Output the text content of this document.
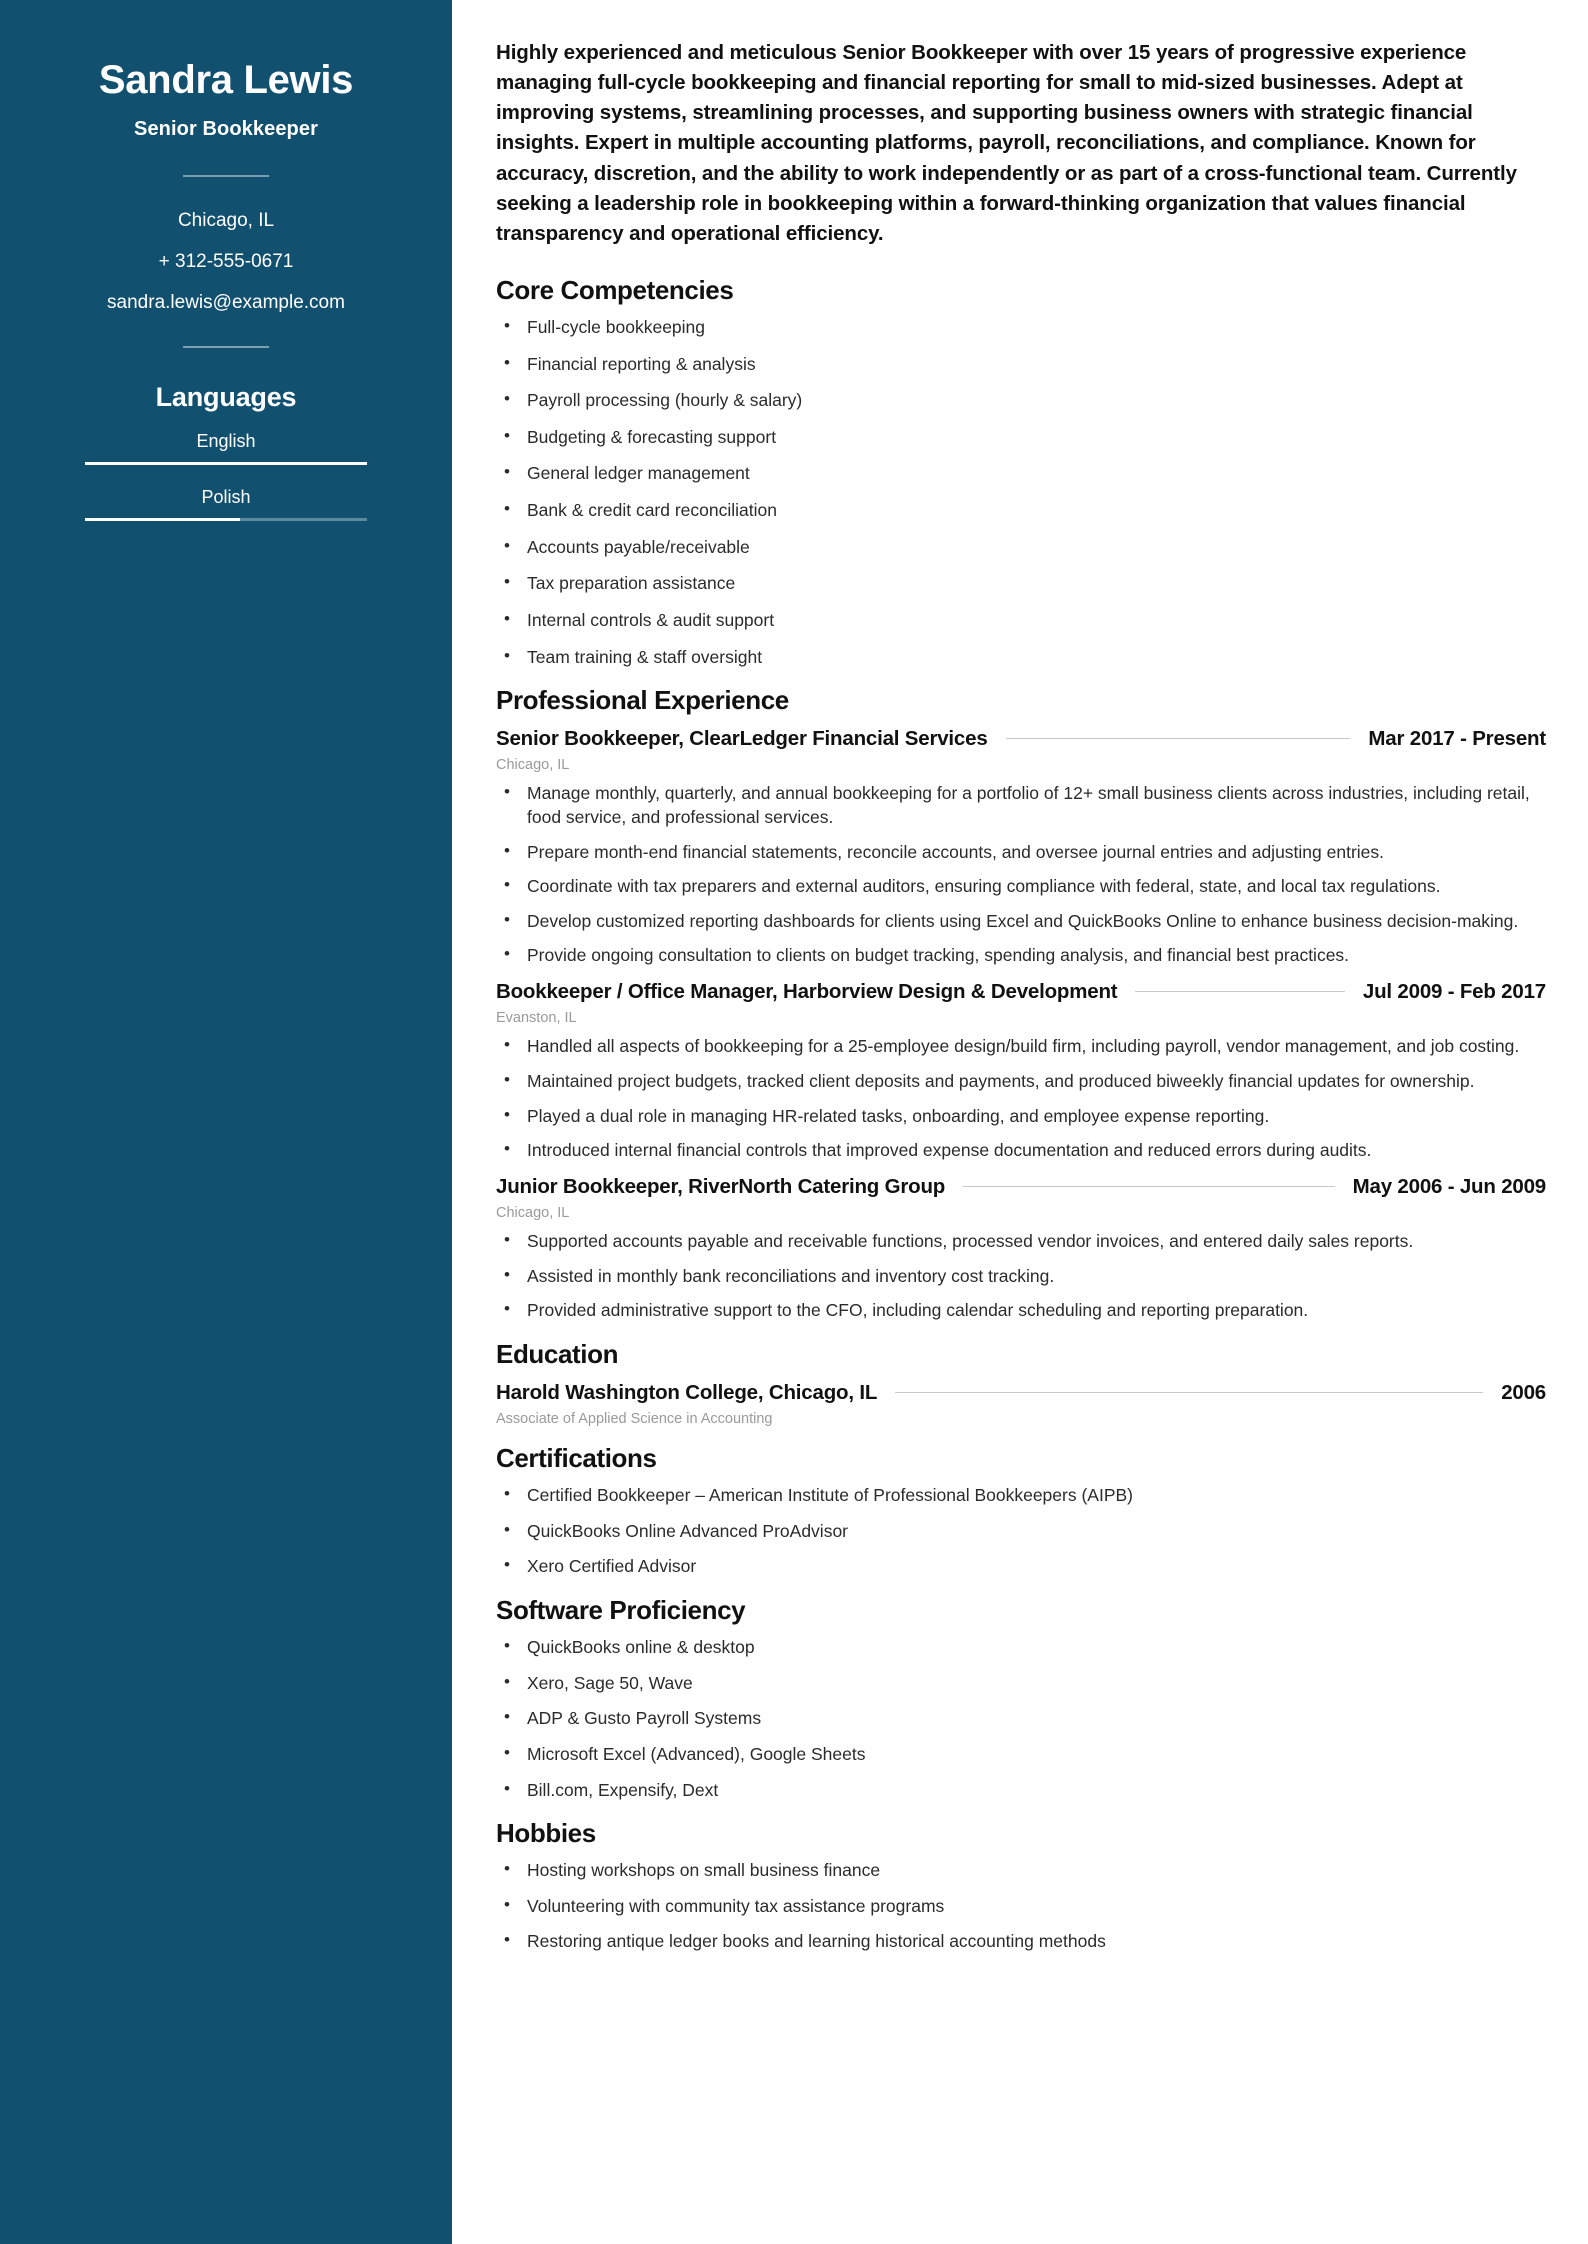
Sandra Lewis
Senior Bookkeeper
Chicago, IL
+ 312-555-0671
sandra.lewis@example.com
Languages
English
Polish

Highly experienced and meticulous Senior Bookkeeper with over 15 years of progressive experience managing full-cycle bookkeeping and financial reporting for small to mid-sized businesses. Adept at improving systems, streamlining processes, and supporting business owners with strategic financial insights. Expert in multiple accounting platforms, payroll, reconciliations, and compliance. Known for accuracy, discretion, and the ability to work independently or as part of a cross-functional team. Currently seeking a leadership role in bookkeeping within a forward-thinking organization that values financial transparency and operational efficiency.

Core Competencies
• Full-cycle bookkeeping
• Financial reporting & analysis
• Payroll processing (hourly & salary)
• Budgeting & forecasting support
• General ledger management
• Bank & credit card reconciliation
• Accounts payable/receivable
• Tax preparation assistance
• Internal controls & audit support
• Team training & staff oversight
Professional Experience
Senior Bookkeeper, ClearLedger Financial Services	Mar 2017 - Present
Chicago, IL
• Manage monthly, quarterly, and annual bookkeeping for a portfolio of 12+ small business clients across industries, including retail, food service, and professional services.
• Prepare month-end financial statements, reconcile accounts, and oversee journal entries and adjusting entries.
• Coordinate with tax preparers and external auditors, ensuring compliance with federal, state, and local tax regulations.
• Develop customized reporting dashboards for clients using Excel and QuickBooks Online to enhance business decision-making.
• Provide ongoing consultation to clients on budget tracking, spending analysis, and financial best practices.
Bookkeeper / Office Manager, Harborview Design & Development	Jul 2009 - Feb 2017
Evanston, IL
• Handled all aspects of bookkeeping for a 25-employee design/build firm, including payroll, vendor management, and job costing.
• Maintained project budgets, tracked client deposits and payments, and produced biweekly financial updates for ownership.
• Played a dual role in managing HR-related tasks, onboarding, and employee expense reporting.
• Introduced internal financial controls that improved expense documentation and reduced errors during audits.
Junior Bookkeeper, RiverNorth Catering Group	May 2006 - Jun 2009
Chicago, IL
• Supported accounts payable and receivable functions, processed vendor invoices, and entered daily sales reports.
• Assisted in monthly bank reconciliations and inventory cost tracking.
• Provided administrative support to the CFO, including calendar scheduling and reporting preparation.
Education
Harold Washington College, Chicago, IL	2006
Associate of Applied Science in Accounting
Certifications
• Certified Bookkeeper – American Institute of Professional Bookkeepers (AIPB)
• QuickBooks Online Advanced ProAdvisor
• Xero Certified Advisor
Software Proficiency
• QuickBooks online & desktop
• Xero, Sage 50, Wave
• ADP & Gusto Payroll Systems
• Microsoft Excel (Advanced), Google Sheets
• Bill.com, Expensify, Dext
Hobbies
• Hosting workshops on small business finance
• Volunteering with community tax assistance programs
• Restoring antique ledger books and learning historical accounting methods
